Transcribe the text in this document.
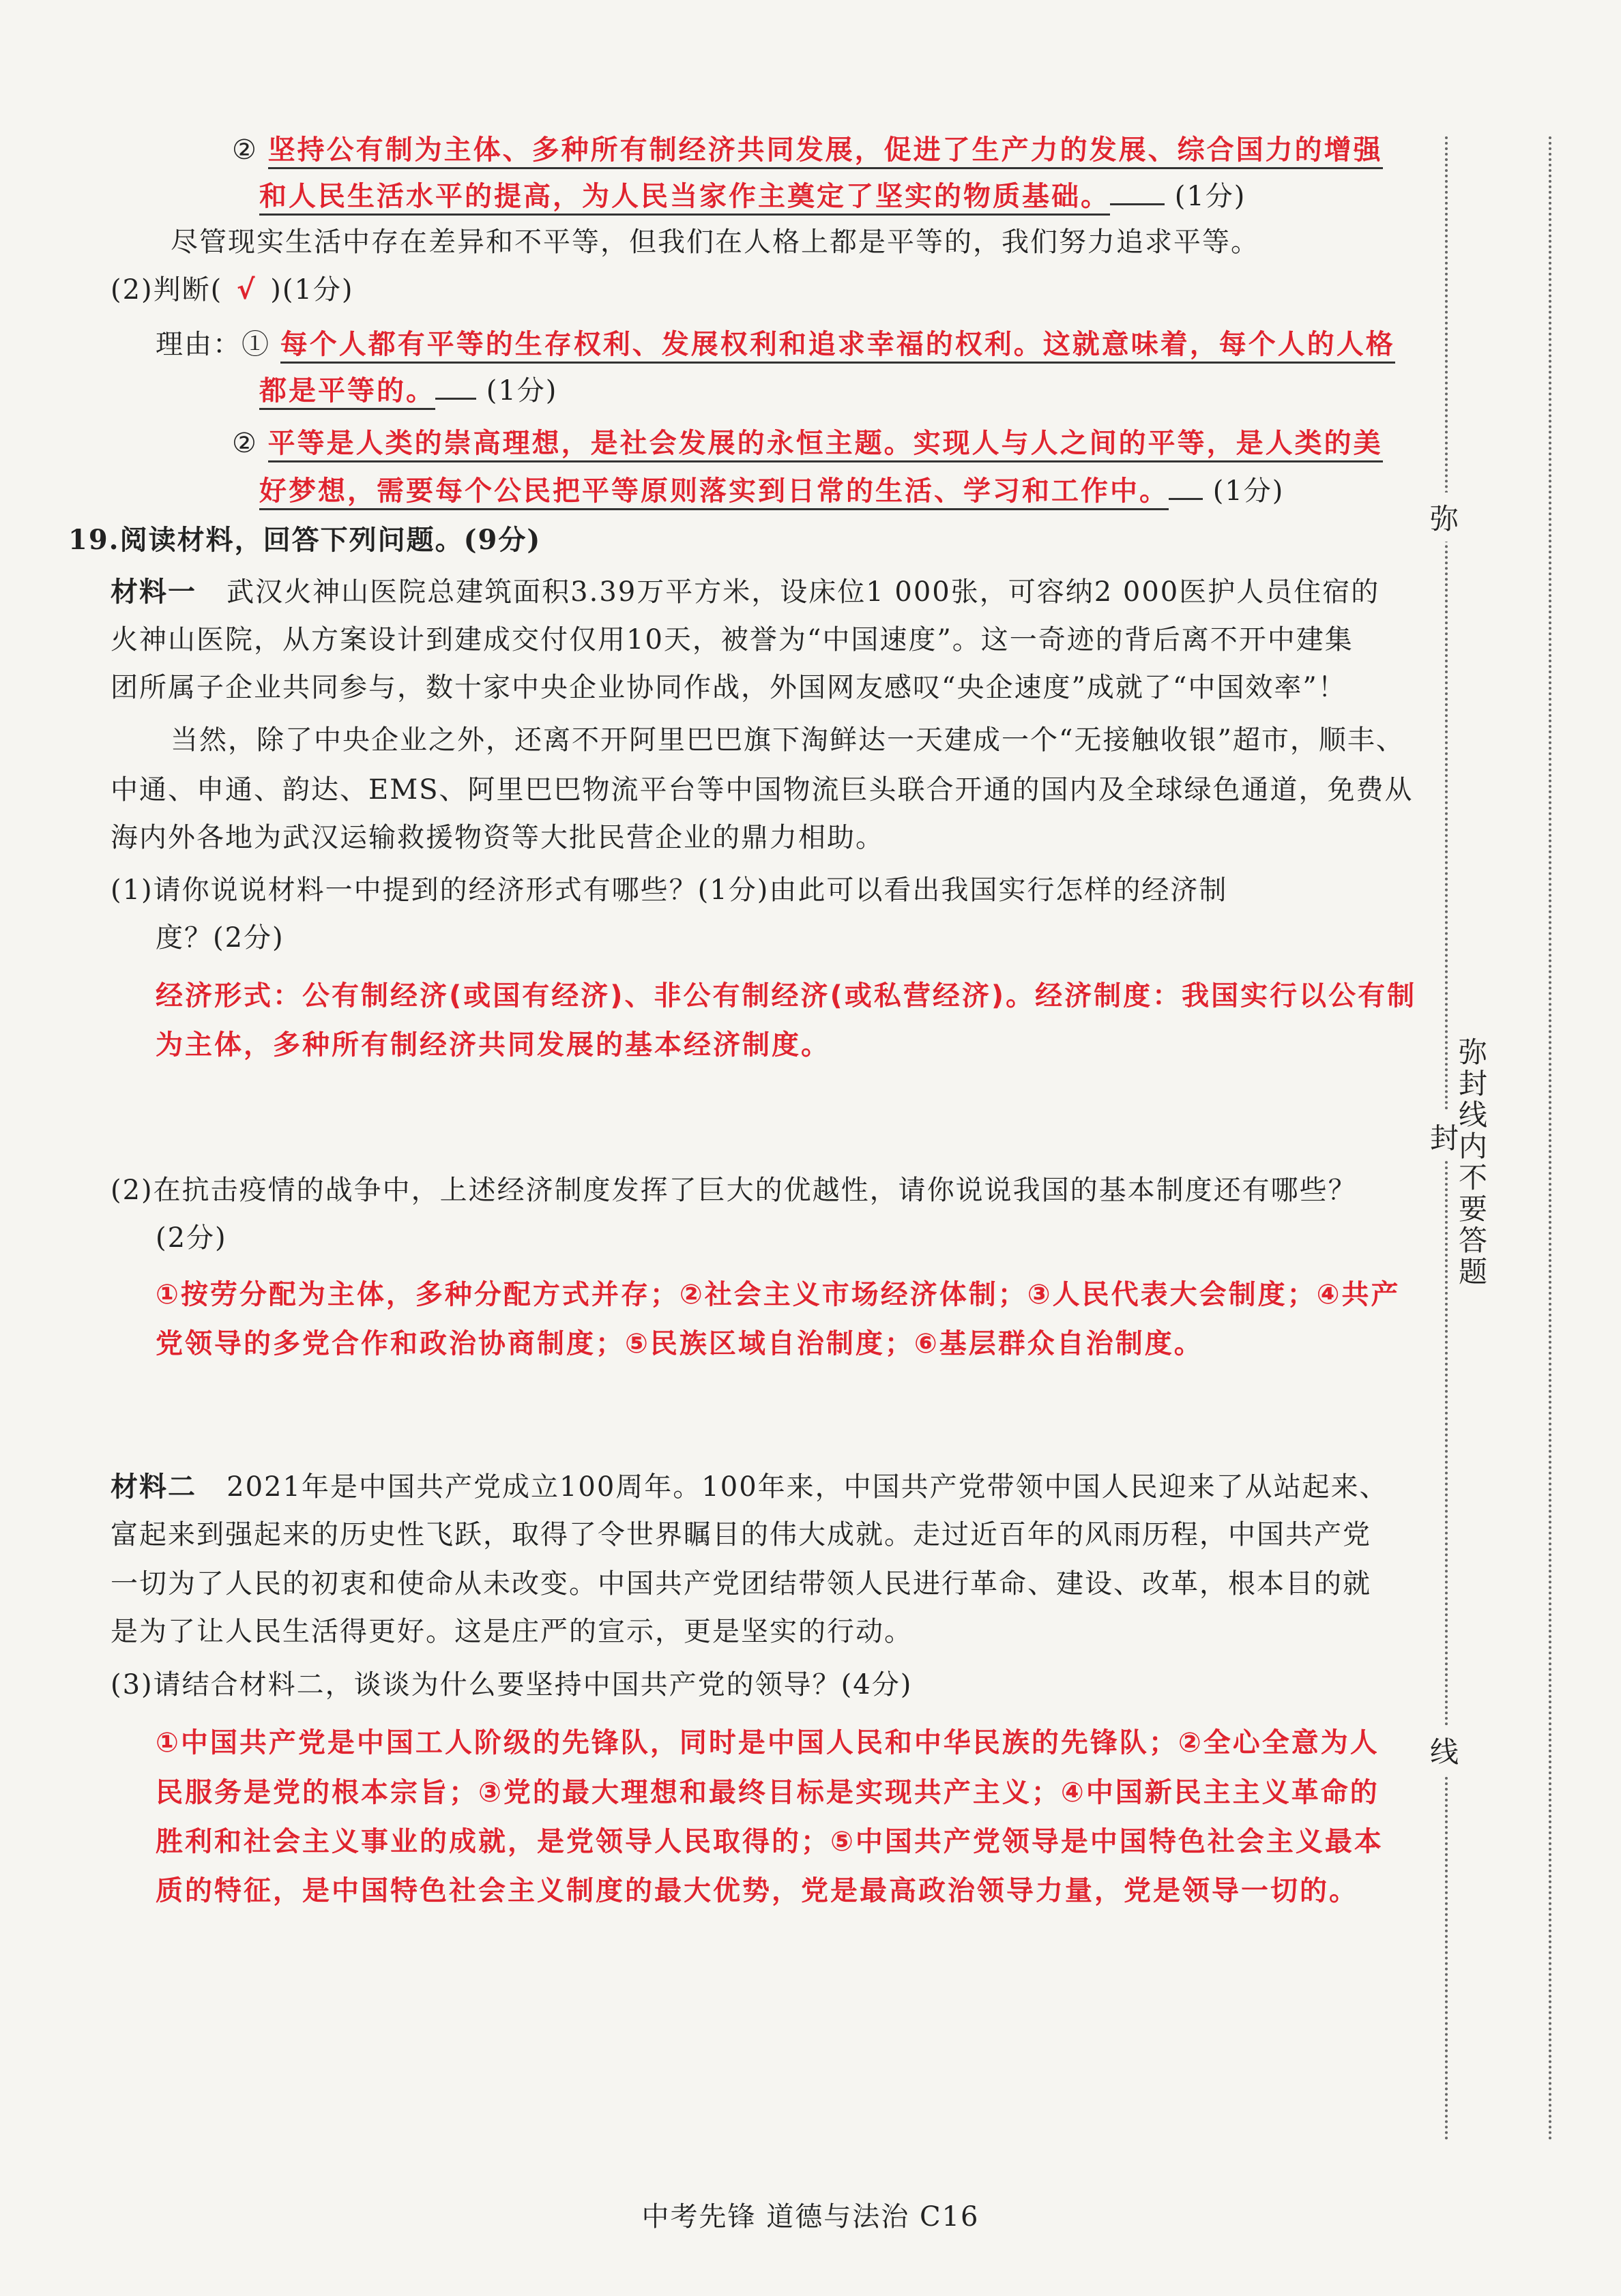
② 坚持公有制为主体、多种所有制经济共同发展，促进了生产力的发展、综合国力的增强
和人民生活水平的提高，为人民当家作主奠定了坚实的物质基础。 (1分)
尽管现实生活中存在差异和不平等，但我们在人格上都是平等的，我们努力追求平等。
(2)判断( √ )(1分)
理由：① 每个人都有平等的生存权利、发展权利和追求幸福的权利。这就意味着，每个人的人格
都是平等的。 (1分)
② 平等是人类的崇高理想，是社会发展的永恒主题。实现人与人之间的平等，是人类的美
好梦想，需要每个公民把平等原则落实到日常的生活、学习和工作中。 (1分)
19.阅读材料，回答下列问题。(9分)
材料一 武汉火神山医院总建筑面积3.39万平方米，设床位1 000张，可容纳2 000医护人员住宿的
火神山医院，从方案设计到建成交付仅用10天，被誉为“中国速度”。这一奇迹的背后离不开中建集
团所属子企业共同参与，数十家中央企业协同作战，外国网友感叹“央企速度”成就了“中国效率”！
当然，除了中央企业之外，还离不开阿里巴巴旗下淘鲜达一天建成一个“无接触收银”超市，顺丰、
中通、申通、韵达、EMS、阿里巴巴物流平台等中国物流巨头联合开通的国内及全球绿色通道，免费从
海内外各地为武汉运输救援物资等大批民营企业的鼎力相助。
(1)请你说说材料一中提到的经济形式有哪些？(1分)由此可以看出我国实行怎样的经济制
度？(2分)
经济形式：公有制经济(或国有经济)、非公有制经济(或私营经济)。经济制度：我国实行以公有制
为主体，多种所有制经济共同发展的基本经济制度。
(2)在抗击疫情的战争中，上述经济制度发挥了巨大的优越性，请你说说我国的基本制度还有哪些？
(2分)
①按劳分配为主体，多种分配方式并存；②社会主义市场经济体制；③人民代表大会制度；④共产
党领导的多党合作和政治协商制度；⑤民族区域自治制度；⑥基层群众自治制度。
材料二 2021年是中国共产党成立100周年。100年来，中国共产党带领中国人民迎来了从站起来、
富起来到强起来的历史性飞跃，取得了令世界瞩目的伟大成就。走过近百年的风雨历程，中国共产党
一切为了人民的初衷和使命从未改变。中国共产党团结带领人民进行革命、建设、改革，根本目的就
是为了让人民生活得更好。这是庄严的宣示，更是坚实的行动。
(3)请结合材料二，谈谈为什么要坚持中国共产党的领导？(4分)
①中国共产党是中国工人阶级的先锋队，同时是中国人民和中华民族的先锋队；②全心全意为人
民服务是党的根本宗旨；③党的最大理想和最终目标是实现共产主义；④中国新民主主义革命的
胜利和社会主义事业的成就，是党领导人民取得的；⑤中国共产党领导是中国特色社会主义最本
质的特征，是中国特色社会主义制度的最大优势，党是最高政治领导力量，党是领导一切的。
弥
封
线
弥封线内不要答题
中考先锋 道德与法治 C16
